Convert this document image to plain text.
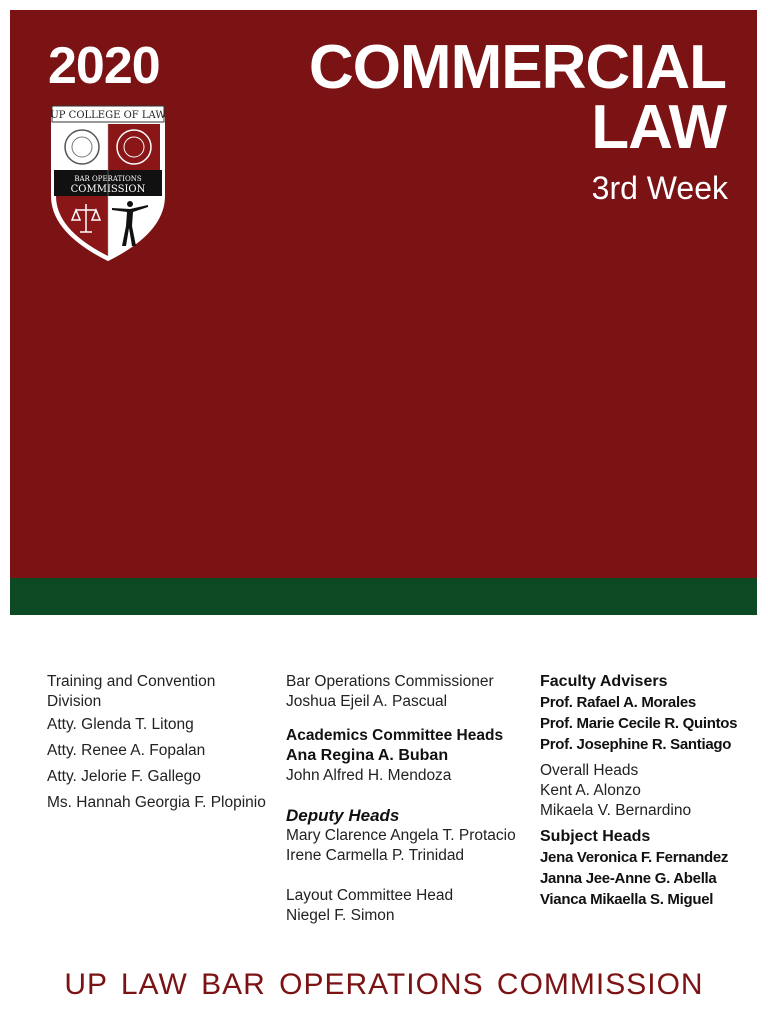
2020 COMMERCIAL
LAW
3rd Week
UP COLLEGE OF LAW
BAR OPERATIONS
COMMISSION
Training and Convention
Division
Atty. Glenda T. Litong
Atty. Renee A. Fopalan
Atty. Jelorie F. Gallego
Ms. Hannah Georgia F. Plopinio
Bar Operations Commissioner
Joshua Ejeil A. Pascual
Academics Committee Heads
Ana Regina A. Buban
John Alfred H. Mendoza
Deputy Heads
Mary Clarence Angela T. Protacio
Irene Carmella P. Trinidad
Layout Committee Head
Niegel F. Simon
Faculty Advisers
Prof. Rafael A. Morales
Prof. Marie Cecile R. Quintos
Prof. Josephine R. Santiago
Overall Heads
Kent A. Alonzo
Mikaela V. Bernardino
Subject Heads
Jena Veronica F. Fernandez
Janna Jee-Anne G. Abella
Vianca Mikaella S. Miguel
UP LAW BAR OPERATIONS COMMISSION
